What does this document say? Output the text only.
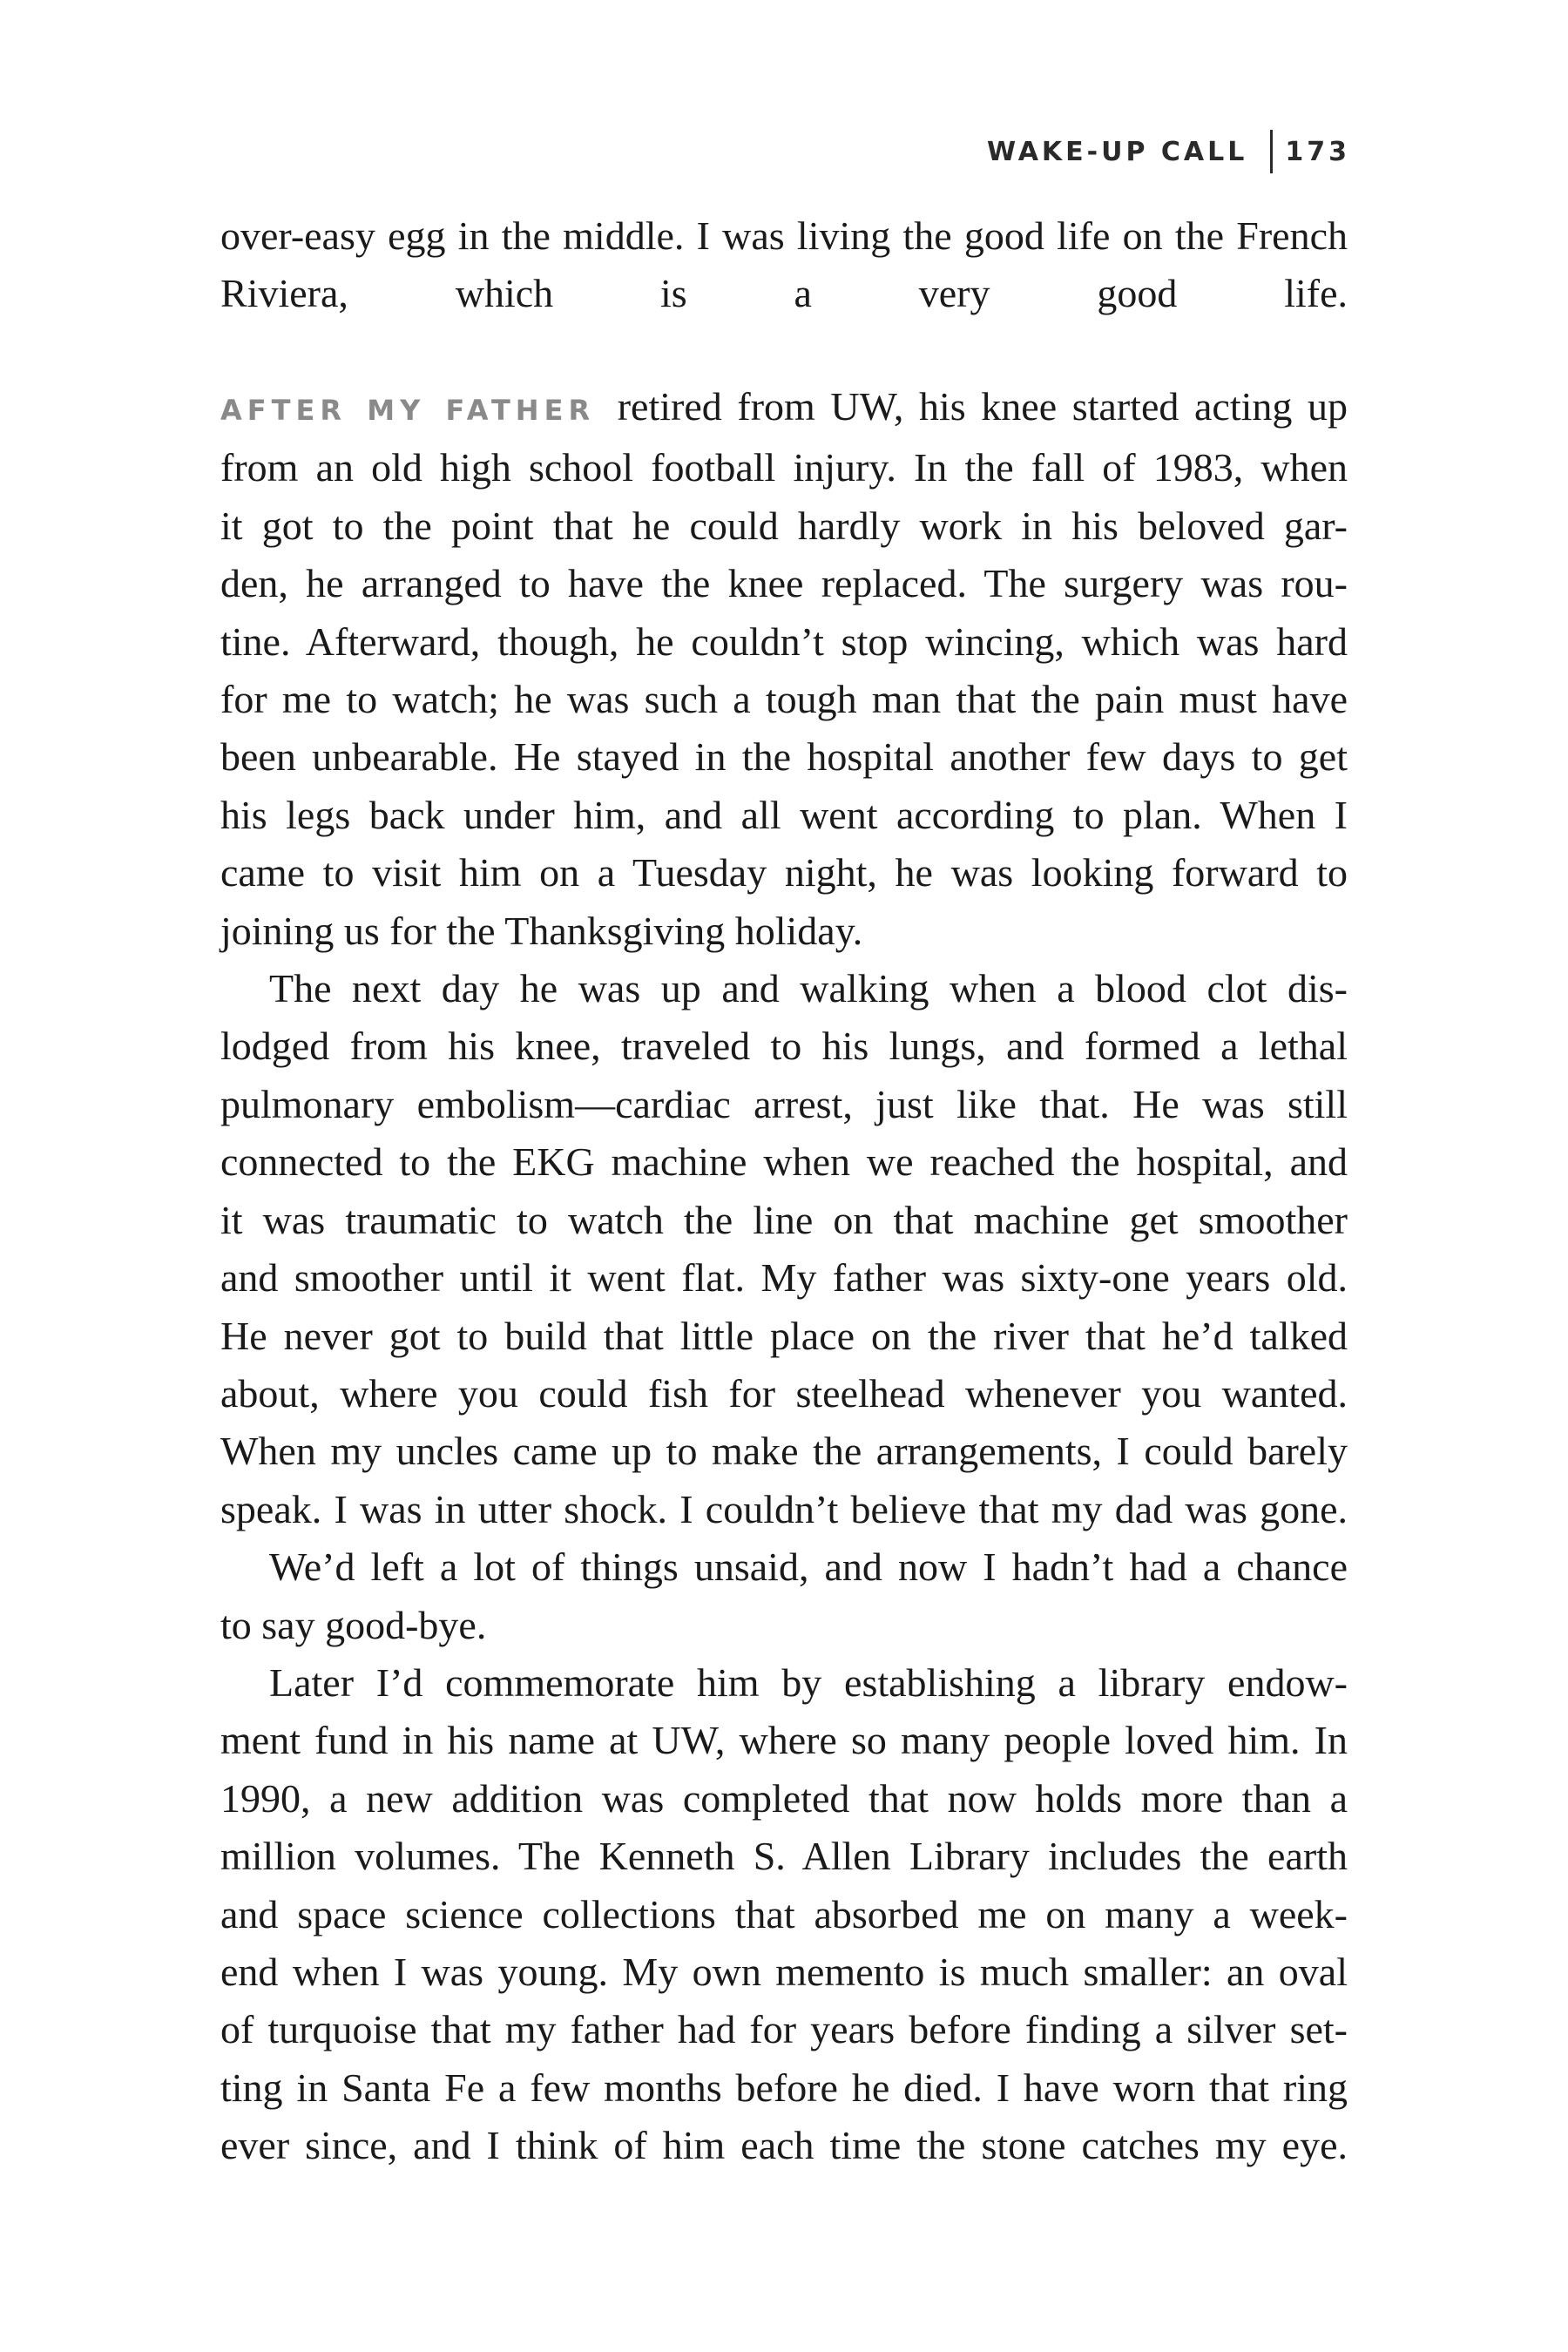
WAKE-UP CALL 173

over-easy egg in the middle. I was living the good life on the French
Riviera, which is a very good life.

AFTER MY FATHER retired from UW, his knee started acting up
from an old high school football injury. In the fall of 1983, when
it got to the point that he could hardly work in his beloved gar-
den, he arranged to have the knee replaced. The surgery was rou-
tine. Afterward, though, he couldn’t stop wincing, which was hard
for me to watch; he was such a tough man that the pain must have
been unbearable. He stayed in the hospital another few days to get
his legs back under him, and all went according to plan. When I
came to visit him on a Tuesday night, he was looking forward to
joining us for the Thanksgiving holiday.

The next day he was up and walking when a blood clot dis-
lodged from his knee, traveled to his lungs, and formed a lethal
pulmonary embolism—cardiac arrest, just like that. He was still
connected to the EKG machine when we reached the hospital, and
it was traumatic to watch the line on that machine get smoother
and smoother until it went flat. My father was sixty-one years old.
He never got to build that little place on the river that he’d talked
about, where you could fish for steelhead whenever you wanted.
When my uncles came up to make the arrangements, I could barely
speak. I was in utter shock. I couldn’t believe that my dad was gone.

We’d left a lot of things unsaid, and now I hadn’t had a chance
to say good-bye.

Later I’d commemorate him by establishing a library endow-
ment fund in his name at UW, where so many people loved him. In
1990, a new addition was completed that now holds more than a
million volumes. The Kenneth S. Allen Library includes the earth
and space science collections that absorbed me on many a week-
end when I was young. My own memento is much smaller: an oval
of turquoise that my father had for years before finding a silver set-
ting in Santa Fe a few months before he died. I have worn that ring
ever since, and I think of him each time the stone catches my eye.
